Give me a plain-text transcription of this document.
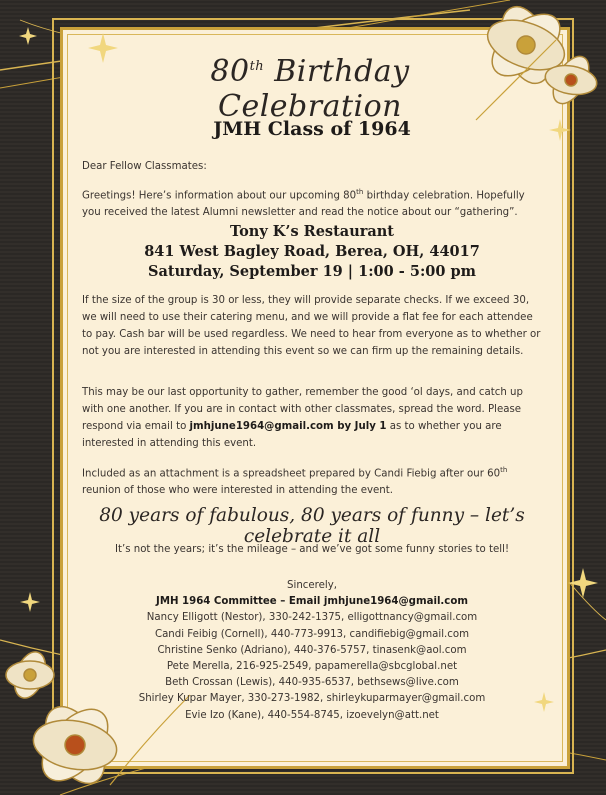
80th Birthday Celebration
JMH Class of 1964
Dear Fellow Classmates:
Greetings! Here’s information about our upcoming 80th birthday celebration. Hopefully you received the latest Alumni newsletter and read the notice about our “gathering”.
Tony K’s Restaurant
841 West Bagley Road, Berea, OH, 44017
Saturday, September 19 | 1:00 - 5:00 pm
If the size of the group is 30 or less, they will provide separate checks. If we exceed 30, we will need to use their catering menu, and we will provide a flat fee for each attendee to pay. Cash bar will be used regardless. We need to hear from everyone as to whether or not you are interested in attending this event so we can firm up the remaining details.
This may be our last opportunity to gather, remember the good ‘ol days, and catch up with one another. If you are in contact with other classmates, spread the word. Please respond via email to jmhjune1964@gmail.com by July 1 as to whether you are interested in attending this event.
Included as an attachment is a spreadsheet prepared by Candi Fiebig after our 60th reunion of those who were interested in attending the event.
80 years of fabulous, 80 years of funny – let’s celebrate it all
It’s not the years; it’s the mileage – and we’ve got some funny stories to tell!
Sincerely,
JMH 1964 Committee – Email jmhjune1964@gmail.com
Nancy Elligott (Nestor), 330-242-1375, elligottnancy@gmail.com
Candi Feibig (Cornell), 440-773-9913, candifiebig@gmail.com
Christine Senko (Adriano), 440-376-5757, tinasenk@aol.com
Pete Merella, 216-925-2549, papamerella@sbcglobal.net
Beth Crossan (Lewis), 440-935-6537, bethsews@live.com
Shirley Kupar Mayer, 330-273-1982, shirleykuparmayer@gmail.com
Evie Izo (Kane), 440-554-8745, izoevelyn@att.net
